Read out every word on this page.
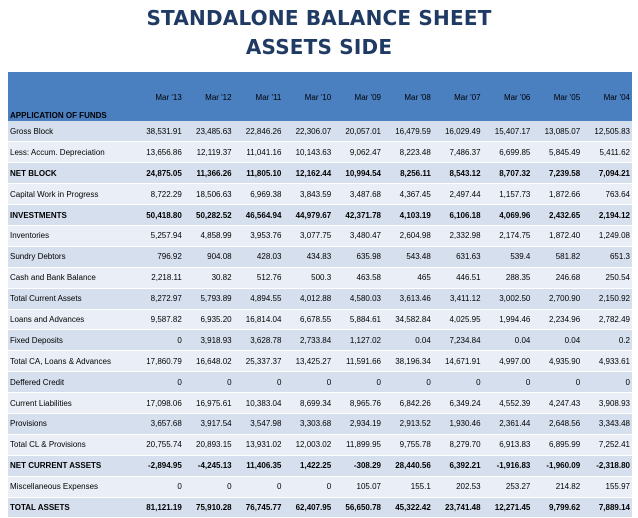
STANDALONE BALANCE SHEET
ASSETS SIDE
APPLICATION OF FUNDS	Mar '13	Mar '12	Mar '11	Mar '10	Mar '09	Mar '08	Mar '07	Mar '06	Mar '05	Mar '04
Gross Block	38,531.91	23,485.63	22,846.26	22,306.07	20,057.01	16,479.59	16,029.49	15,407.17	13,085.07	12,505.83
Less: Accum. Depreciation	13,656.86	12,119.37	11,041.16	10,143.63	9,062.47	8,223.48	7,486.37	6,699.85	5,845.49	5,411.62
NET BLOCK	24,875.05	11,366.26	11,805.10	12,162.44	10,994.54	8,256.11	8,543.12	8,707.32	7,239.58	7,094.21
Capital Work in Progress	8,722.29	18,506.63	6,969.38	3,843.59	3,487.68	4,367.45	2,497.44	1,157.73	1,872.66	763.64
INVESTMENTS	50,418.80	50,282.52	46,564.94	44,979.67	42,371.78	4,103.19	6,106.18	4,069.96	2,432.65	2,194.12
Inventories	5,257.94	4,858.99	3,953.76	3,077.75	3,480.47	2,604.98	2,332.98	2,174.75	1,872.40	1,249.08
Sundry Debtors	796.92	904.08	428.03	434.83	635.98	543.48	631.63	539.4	581.82	651.3
Cash and Bank Balance	2,218.11	30.82	512.76	500.3	463.58	465	446.51	288.35	246.68	250.54
Total Current Assets	8,272.97	5,793.89	4,894.55	4,012.88	4,580.03	3,613.46	3,411.12	3,002.50	2,700.90	2,150.92
Loans and Advances	9,587.82	6,935.20	16,814.04	6,678.55	5,884.61	34,582.84	4,025.95	1,994.46	2,234.96	2,782.49
Fixed Deposits	0	3,918.93	3,628.78	2,733.84	1,127.02	0.04	7,234.84	0.04	0.04	0.2
Total CA, Loans & Advances	17,860.79	16,648.02	25,337.37	13,425.27	11,591.66	38,196.34	14,671.91	4,997.00	4,935.90	4,933.61
Deffered Credit	0	0	0	0	0	0	0	0	0	0
Current Liabilities	17,098.06	16,975.61	10,383.04	8,699.34	8,965.76	6,842.26	6,349.24	4,552.39	4,247.43	3,908.93
Provisions	3,657.68	3,917.54	3,547.98	3,303.68	2,934.19	2,913.52	1,930.46	2,361.44	2,648.56	3,343.48
Total CL & Provisions	20,755.74	20,893.15	13,931.02	12,003.02	11,899.95	9,755.78	8,279.70	6,913.83	6,895.99	7,252.41
NET CURRENT ASSETS	-2,894.95	-4,245.13	11,406.35	1,422.25	-308.29	28,440.56	6,392.21	-1,916.83	-1,960.09	-2,318.80
Miscellaneous Expenses	0	0	0	0	105.07	155.1	202.53	253.27	214.82	155.97
TOTAL ASSETS	81,121.19	75,910.28	76,745.77	62,407.95	56,650.78	45,322.42	23,741.48	12,271.45	9,799.62	7,889.14
